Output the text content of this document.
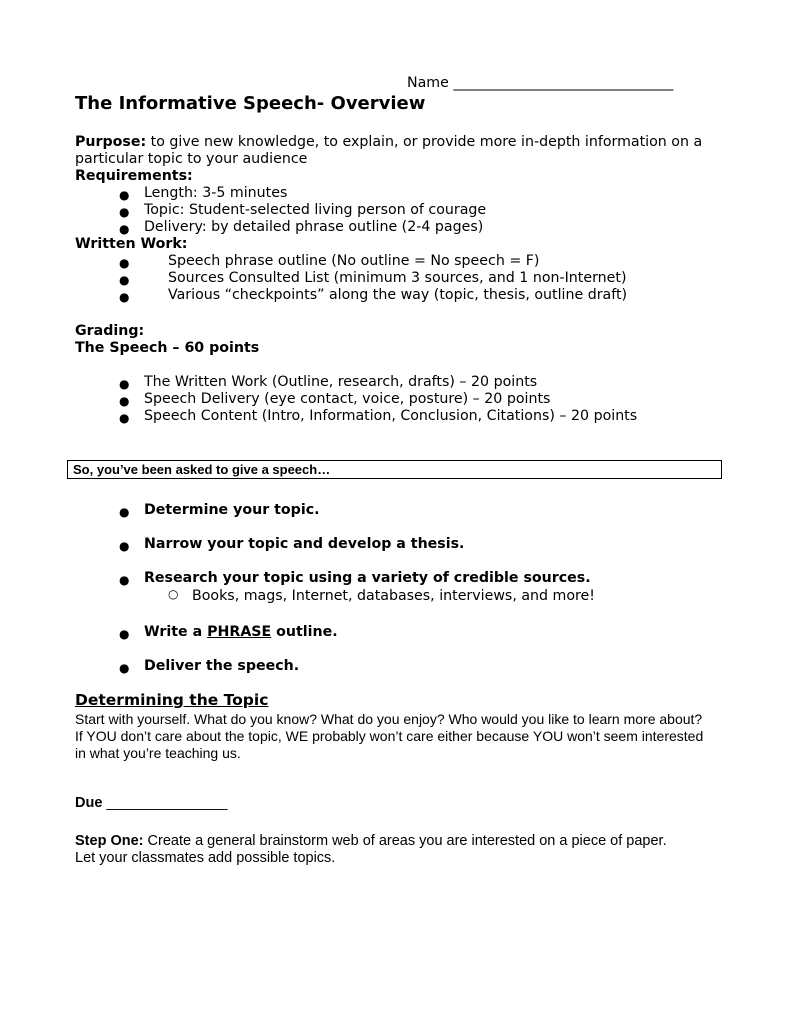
Name _______________________________
The Informative Speech- Overview
Purpose: to give new knowledge, to explain, or provide more in-depth information on a
particular topic to your audience
Requirements:
● Length: 3-5 minutes
● Topic: Student-selected living person of courage
● Delivery: by detailed phrase outline (2-4 pages)
Written Work:
●	Speech phrase outline (No outline = No speech = F)
●	Sources Consulted List (minimum 3 sources, and 1 non-Internet)
●	Various “checkpoints” along the way (topic, thesis, outline draft)
Grading:
The Speech – 60 points
● The Written Work (Outline, research, drafts) – 20 points
● Speech Delivery (eye contact, voice, posture) – 20 points
● Speech Content (Intro, Information, Conclusion, Citations) – 20 points
So, you’ve been asked to give a speech…
● Determine your topic.
● Narrow your topic and develop a thesis.
● Research your topic using a variety of credible sources.
○ Books, mags, Internet, databases, interviews, and more!
● Write a PHRASE outline.
● Deliver the speech.
Determining the Topic
Start with yourself. What do you know? What do you enjoy? Who would you like to learn more about?
If YOU don’t care about the topic, WE probably won’t care either because YOU won’t seem interested
in what you’re teaching us.
Due _______________
Step One: Create a general brainstorm web of areas you are interested on a piece of paper.
Let your classmates add possible topics.
